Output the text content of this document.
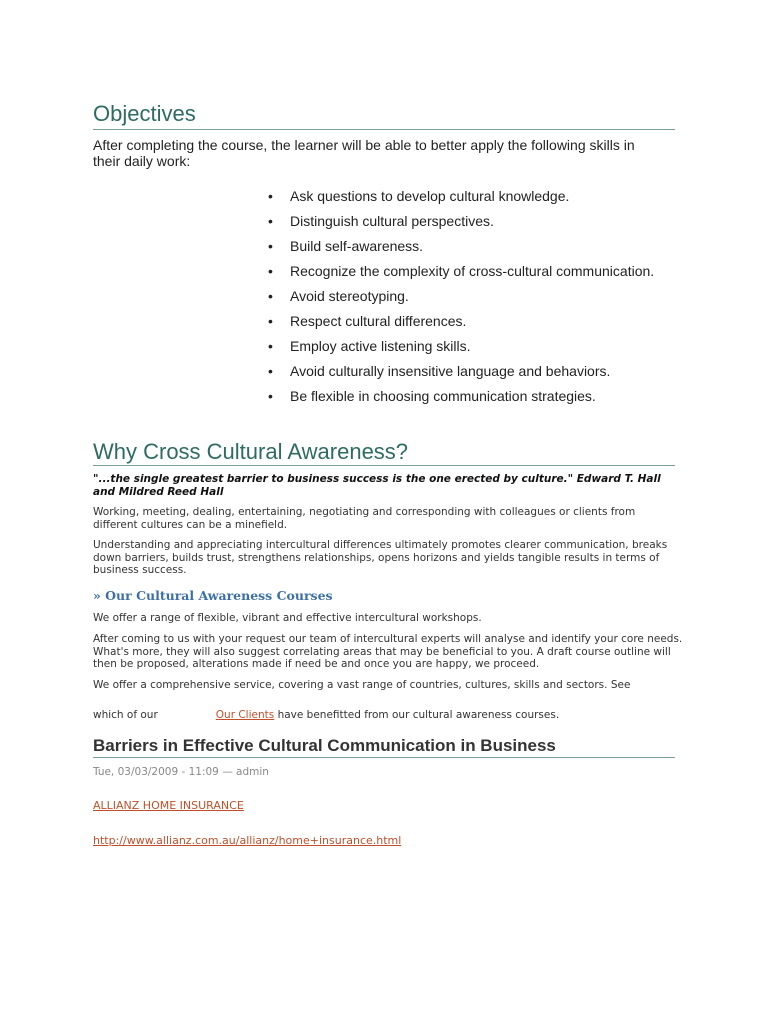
Objectives

After completing the course, the learner will be able to better apply the following skills in their daily work:

• Ask questions to develop cultural knowledge.
• Distinguish cultural perspectives.
• Build self-awareness.
• Recognize the complexity of cross-cultural communication.
• Avoid stereotyping.
• Respect cultural differences.
• Employ active listening skills.
• Avoid culturally insensitive language and behaviors.
• Be flexible in choosing communication strategies.
Why Cross Cultural Awareness?

"...the single greatest barrier to business success is the one erected by culture." Edward T. Hall and Mildred Reed Hall

Working, meeting, dealing, entertaining, negotiating and corresponding with colleagues or clients from different cultures can be a minefield.

Understanding and appreciating intercultural differences ultimately promotes clearer communication, breaks down barriers, builds trust, strengthens relationships, opens horizons and yields tangible results in terms of business success.

» Our Cultural Awareness Courses

We offer a range of flexible, vibrant and effective intercultural workshops.

After coming to us with your request our team of intercultural experts will analyse and identify your core needs. What's more, they will also suggest correlating areas that may be beneficial to you. A draft course outline will then be proposed, alterations made if need be and once you are happy, we proceed.

We offer a comprehensive service, covering a vast range of countries, cultures, skills and sectors. See

which of our	Our Clients have benefitted from our cultural awareness courses.

Barriers in Effective Cultural Communication in Business

Tue, 03/03/2009 - 11:09 — admin

ALLIANZ HOME INSURANCE
http://www.allianz.com.au/allianz/home+insurance.html
